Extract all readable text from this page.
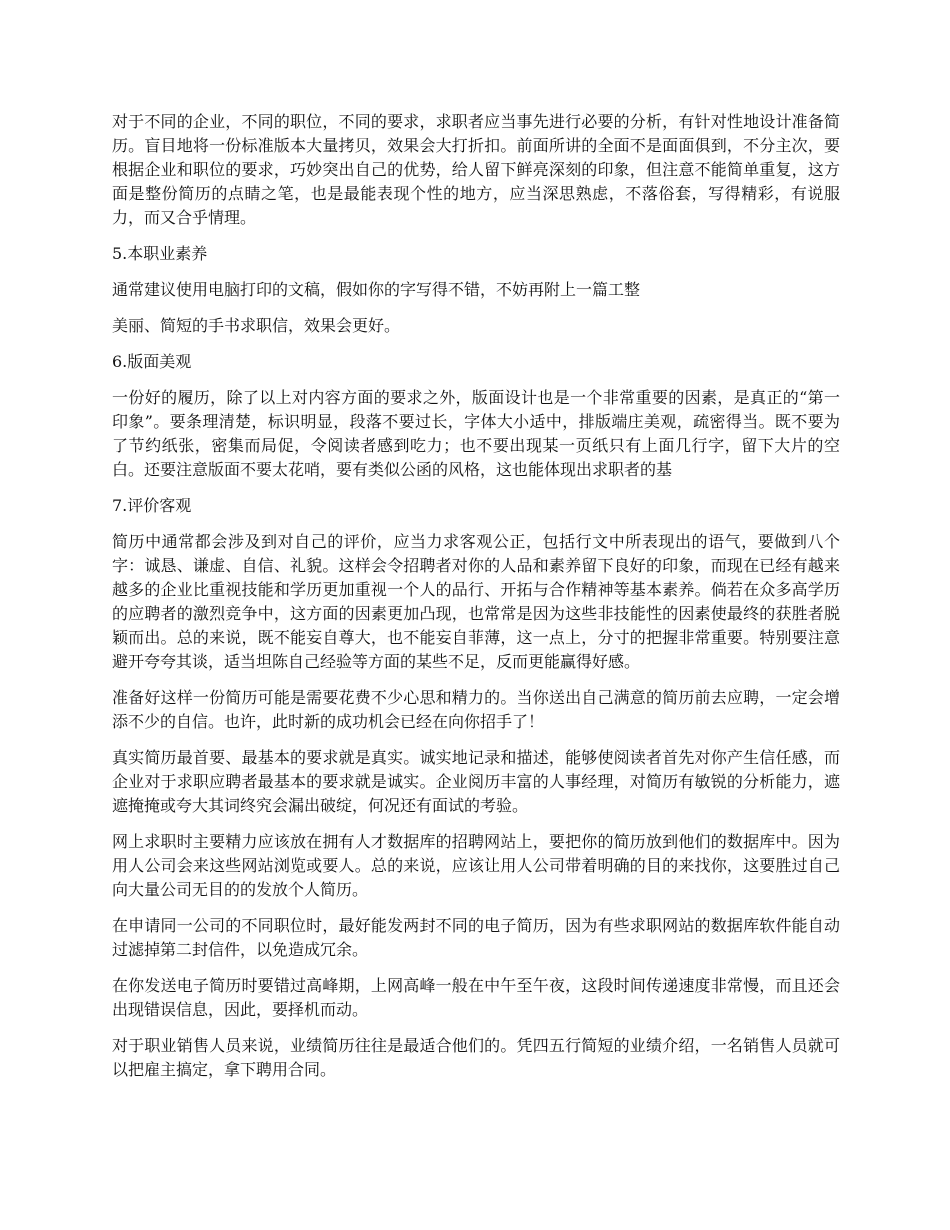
对于不同的企业，不同的职位，不同的要求，求职者应当事先进行必要的分析，有针对性地设计准备简历。盲目地将一份标准版本大量拷贝，效果会大打折扣。前面所讲的全面不是面面俱到，不分主次，要根据企业和职位的要求，巧妙突出自己的优势，给人留下鲜亮深刻的印象，但注意不能简单重复，这方面是整份简历的点睛之笔，也是最能表现个性的地方，应当深思熟虑，不落俗套，写得精彩，有说服力，而又合乎情理。

5.本职业素养

通常建议使用电脑打印的文稿，假如你的字写得不错，不妨再附上一篇工整

美丽、简短的手书求职信，效果会更好。

6.版面美观

一份好的履历，除了以上对内容方面的要求之外，版面设计也是一个非常重要的因素，是真正的“第一印象”。要条理清楚，标识明显，段落不要过长，字体大小适中，排版端庄美观，疏密得当。既不要为了节约纸张，密集而局促，令阅读者感到吃力；也不要出现某一页纸只有上面几行字，留下大片的空白。还要注意版面不要太花哨，要有类似公函的风格，这也能体现出求职者的基

7.评价客观

简历中通常都会涉及到对自己的评价，应当力求客观公正，包括行文中所表现出的语气，要做到八个字：诚恳、谦虚、自信、礼貌。这样会令招聘者对你的人品和素养留下良好的印象，而现在已经有越来越多的企业比重视技能和学历更加重视一个人的品行、开拓与合作精神等基本素养。倘若在众多高学历的应聘者的激烈竞争中，这方面的因素更加凸现，也常常是因为这些非技能性的因素使最终的获胜者脱颖而出。总的来说，既不能妄自尊大，也不能妄自菲薄，这一点上，分寸的把握非常重要。特别要注意避开夸夸其谈，适当坦陈自己经验等方面的某些不足，反而更能赢得好感。

准备好这样一份简历可能是需要花费不少心思和精力的。当你送出自己满意的简历前去应聘，一定会增添不少的自信。也许，此时新的成功机会已经在向你招手了！

真实简历最首要、最基本的要求就是真实。诚实地记录和描述，能够使阅读者首先对你产生信任感，而企业对于求职应聘者最基本的要求就是诚实。企业阅历丰富的人事经理，对简历有敏锐的分析能力，遮遮掩掩或夸大其词终究会漏出破绽，何况还有面试的考验。

网上求职时主要精力应该放在拥有人才数据库的招聘网站上，要把你的简历放到他们的数据库中。因为用人公司会来这些网站浏览或要人。总的来说，应该让用人公司带着明确的目的来找你，这要胜过自己向大量公司无目的的发放个人简历。

在申请同一公司的不同职位时，最好能发两封不同的电子简历，因为有些求职网站的数据库软件能自动过滤掉第二封信件，以免造成冗余。

在你发送电子简历时要错过高峰期，上网高峰一般在中午至午夜，这段时间传递速度非常慢，而且还会出现错误信息，因此，要择机而动。

对于职业销售人员来说，业绩简历往往是最适合他们的。凭四五行简短的业绩介绍，一名销售人员就可以把雇主搞定，拿下聘用合同。
